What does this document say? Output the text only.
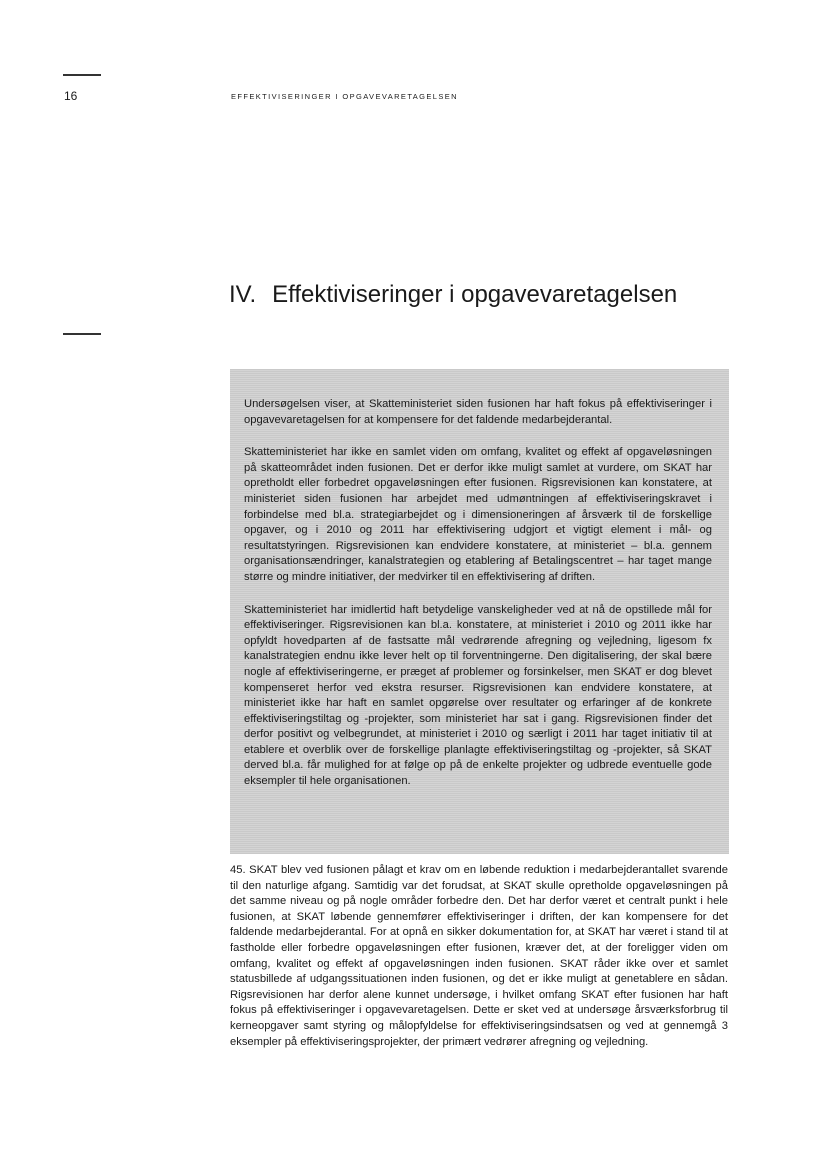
16	EFFEKTIVISERINGER I OPGAVEVARETAGELSEN
IV. Effektiviseringer i opgavevaretagelsen

Undersøgelsen viser, at Skatteministeriet siden fusionen har haft fokus på effektiviseringer i opgavevaretagelsen for at kompensere for det faldende medarbejderantal.

Skatteministeriet har ikke en samlet viden om omfang, kvalitet og effekt af opgaveløsningen på skatteområdet inden fusionen. Det er derfor ikke muligt samlet at vurdere, om SKAT har opretholdt eller forbedret opgaveløsningen efter fusionen. Rigsrevisionen kan konstatere, at ministeriet siden fusionen har arbejdet med udmøntningen af effektiviseringskravet i forbindelse med bl.a. strategiarbejdet og i dimensioneringen af årsværk til de forskellige opgaver, og i 2010 og 2011 har effektivisering udgjort et vigtigt element i mål- og resultatstyringen. Rigsrevisionen kan endvidere konstatere, at ministeriet – bl.a. gennem organisationsændringer, kanalstrategien og etablering af Betalingscentret – har taget mange større og mindre initiativer, der medvirker til en effektivisering af driften.

Skatteministeriet har imidlertid haft betydelige vanskeligheder ved at nå de opstillede mål for effektiviseringer. Rigsrevisionen kan bl.a. konstatere, at ministeriet i 2010 og 2011 ikke har opfyldt hovedparten af de fastsatte mål vedrørende afregning og vejledning, ligesom fx kanalstrategien endnu ikke lever helt op til forventningerne. Den digitalisering, der skal bære nogle af effektiviseringerne, er præget af problemer og forsinkelser, men SKAT er dog blevet kompenseret herfor ved ekstra resurser. Rigsrevisionen kan endvidere konstatere, at ministeriet ikke har haft en samlet opgørelse over resultater og erfaringer af de konkrete effektiviseringstiltag og -projekter, som ministeriet har sat i gang. Rigsrevisionen finder det derfor positivt og velbegrundet, at ministeriet i 2010 og særligt i 2011 har taget initiativ til at etablere et overblik over de forskellige planlagte effektiviseringstiltag og -projekter, så SKAT derved bl.a. får mulighed for at følge op på de enkelte projekter og udbrede eventuelle gode eksempler til hele organisationen.

45. SKAT blev ved fusionen pålagt et krav om en løbende reduktion i medarbejderantallet svarende til den naturlige afgang. Samtidig var det forudsat, at SKAT skulle opretholde opgaveløsningen på det samme niveau og på nogle områder forbedre den. Det har derfor været et centralt punkt i hele fusionen, at SKAT løbende gennemfører effektiviseringer i driften, der kan kompensere for det faldende medarbejderantal. For at opnå en sikker dokumentation for, at SKAT har været i stand til at fastholde eller forbedre opgaveløsningen efter fusionen, kræver det, at der foreligger viden om omfang, kvalitet og effekt af opgaveløsningen inden fusionen. SKAT råder ikke over et samlet statusbillede af udgangssituationen inden fusionen, og det er ikke muligt at genetablere en sådan. Rigsrevisionen har derfor alene kunnet undersøge, i hvilket omfang SKAT efter fusionen har haft fokus på effektiviseringer i opgavevaretagelsen. Dette er sket ved at undersøge årsværksforbrug til kerneopgaver samt styring og målopfyldelse for effektiviseringsindsatsen og ved at gennemgå 3 eksempler på effektiviseringsprojekter, der primært vedrører afregning og vejledning.
